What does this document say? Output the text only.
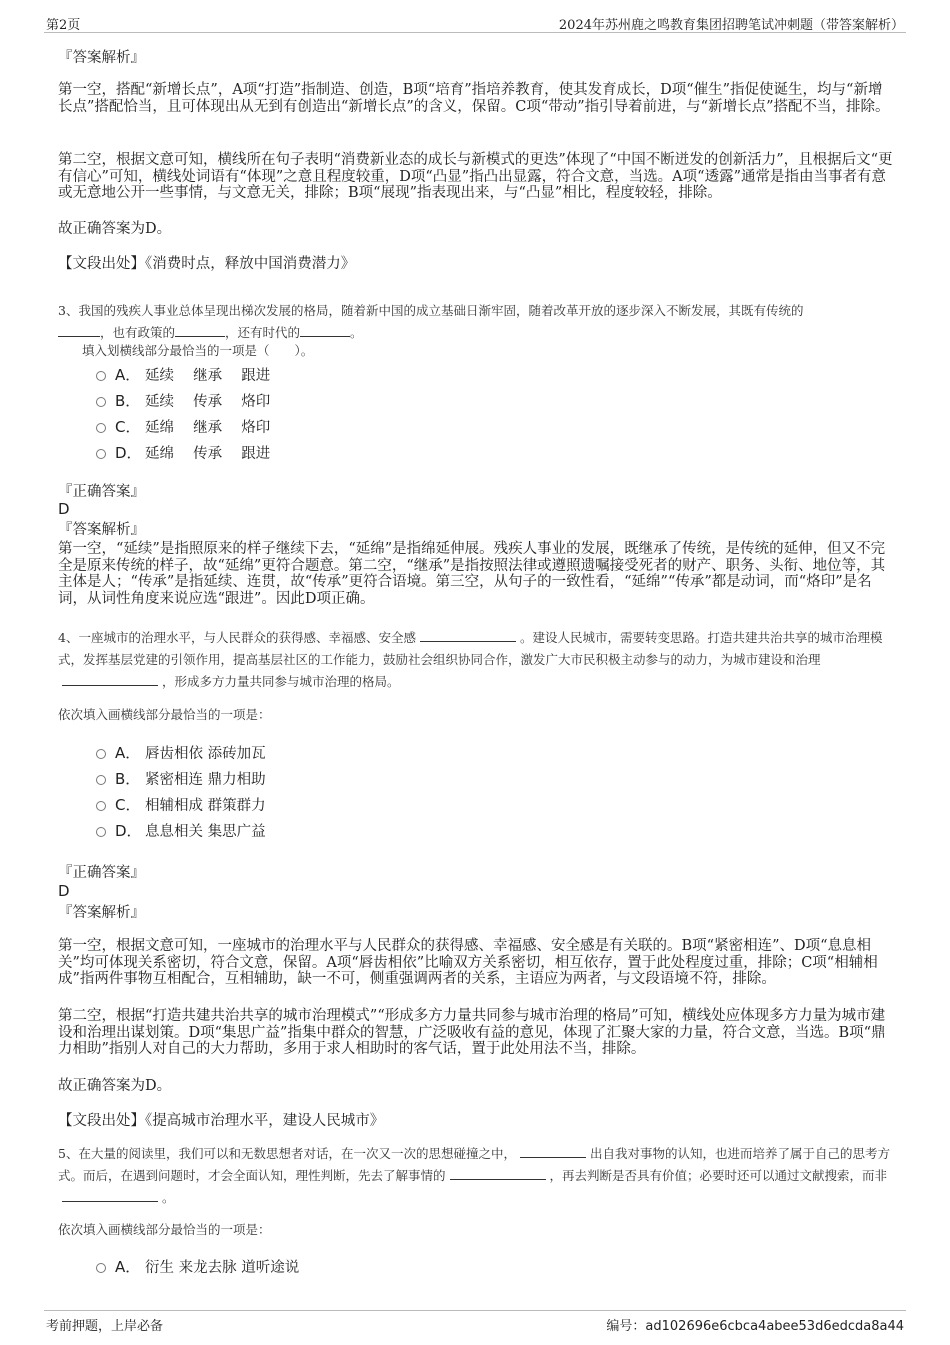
第2页	2024年苏州鹿之鸣教育集团招聘笔试冲刺题（带答案解析）

『答案解析』

第一空，搭配“新增长点”，A项“打造”指制造、创造，B项“培育”指培养教育，使其发育成长，D项“催生”指促使诞生，均与“新增长点”搭配恰当，且可体现出从无到有创造出“新增长点”的含义，保留。C项“带动”指引导着前进，与“新增长点”搭配不当，排除。

第二空，根据文意可知，横线所在句子表明“消费新业态的成长与新模式的更迭”体现了“中国不断迸发的创新活力”，且根据后文“更有信心”可知，横线处词语有“体现”之意且程度较重，D项“凸显”指凸出显露，符合文意，当选。A项“透露”通常是指由当事者有意或无意地公开一些事情，与文意无关，排除；B项“展现”指表现出来，与“凸显”相比，程度较轻，排除。

故正确答案为D。

【文段出处】《消费时点，释放中国消费潜力》

3、我国的残疾人事业总体呈现出梯次发展的格局，随着新中国的成立基础日渐牢固，随着改革开放的逐步深入不断发展，其既有传统的
，也有政策的	，还有时代的	。
填入划横线部分最恰当的一项是（　　）。
A． 延续　 继承　 跟进
B． 延续　 传承　 烙印
C． 延绵　 继承　 烙印
D． 延绵　 传承　 跟进

『正确答案』

D

『答案解析』

第一空，“延续”是指照原来的样子继续下去，“延绵”是指绵延伸展。残疾人事业的发展，既继承了传统，是传统的延伸，但又不完全是原来传统的样子，故“延绵”更符合题意。第二空，“继承”是指按照法律或遵照遗嘱接受死者的财产、职务、头衔、地位等，其主体是人；“传承”是指延续、连贯，故“传承”更符合语境。第三空，从句子的一致性看，“延绵”“传承”都是动词，而“烙印”是名词，从词性角度来说应选“跟进”。因此D项正确。

4、一座城市的治理水平，与人民群众的获得感、幸福感、安全感	。建设人民城市，需要转变思路。打造共建共治共享的城市治理模式，发挥基层党建的引领作用，提高基层社区的工作能力，鼓励社会组织协同合作，激发广大市民积极主动参与的动力，为城市建设和治理，形成多方力量共同参与城市治理的格局。
依次填入画横线部分最恰当的一项是：
A． 唇齿相依 添砖加瓦
B． 紧密相连 鼎力相助
C． 相辅相成 群策群力
D． 息息相关 集思广益

『正确答案』

D

『答案解析』

第一空，根据文意可知，一座城市的治理水平与人民群众的获得感、幸福感、安全感是有关联的。B项“紧密相连”、D项“息息相关”均可体现关系密切，符合文意，保留。A项“唇齿相依”比喻双方关系密切，相互依存，置于此处程度过重，排除；C项“相辅相成”指两件事物互相配合，互相辅助，缺一不可，侧重强调两者的关系，主语应为两者，与文段语境不符，排除。

第二空，根据“打造共建共治共享的城市治理模式”“形成多方力量共同参与城市治理的格局”可知，横线处应体现多方力量为城市建设和治理出谋划策。D项“集思广益”指集中群众的智慧，广泛吸收有益的意见，体现了汇聚大家的力量，符合文意，当选。B项“鼎力相助”指别人对自己的大力帮助，多用于求人相助时的客气话，置于此处用法不当，排除。

故正确答案为D。

【文段出处】《提高城市治理水平，建设人民城市》

5、在大量的阅读里，我们可以和无数思想者对话，在一次又一次的思想碰撞之中，	出自我对事物的认知，也进而培养了属于自己的思考方式。而后，在遇到问题时，才会全面认知，理性判断，先去了解事情的	，再去判断是否具有价值；必要时还可以通过文献搜索，而非。
依次填入画横线部分最恰当的一项是：
A． 衍生 来龙去脉 道听途说
考前押题，上岸必备	编号：ad102696e6cbca4abee53d6edcda8a44
